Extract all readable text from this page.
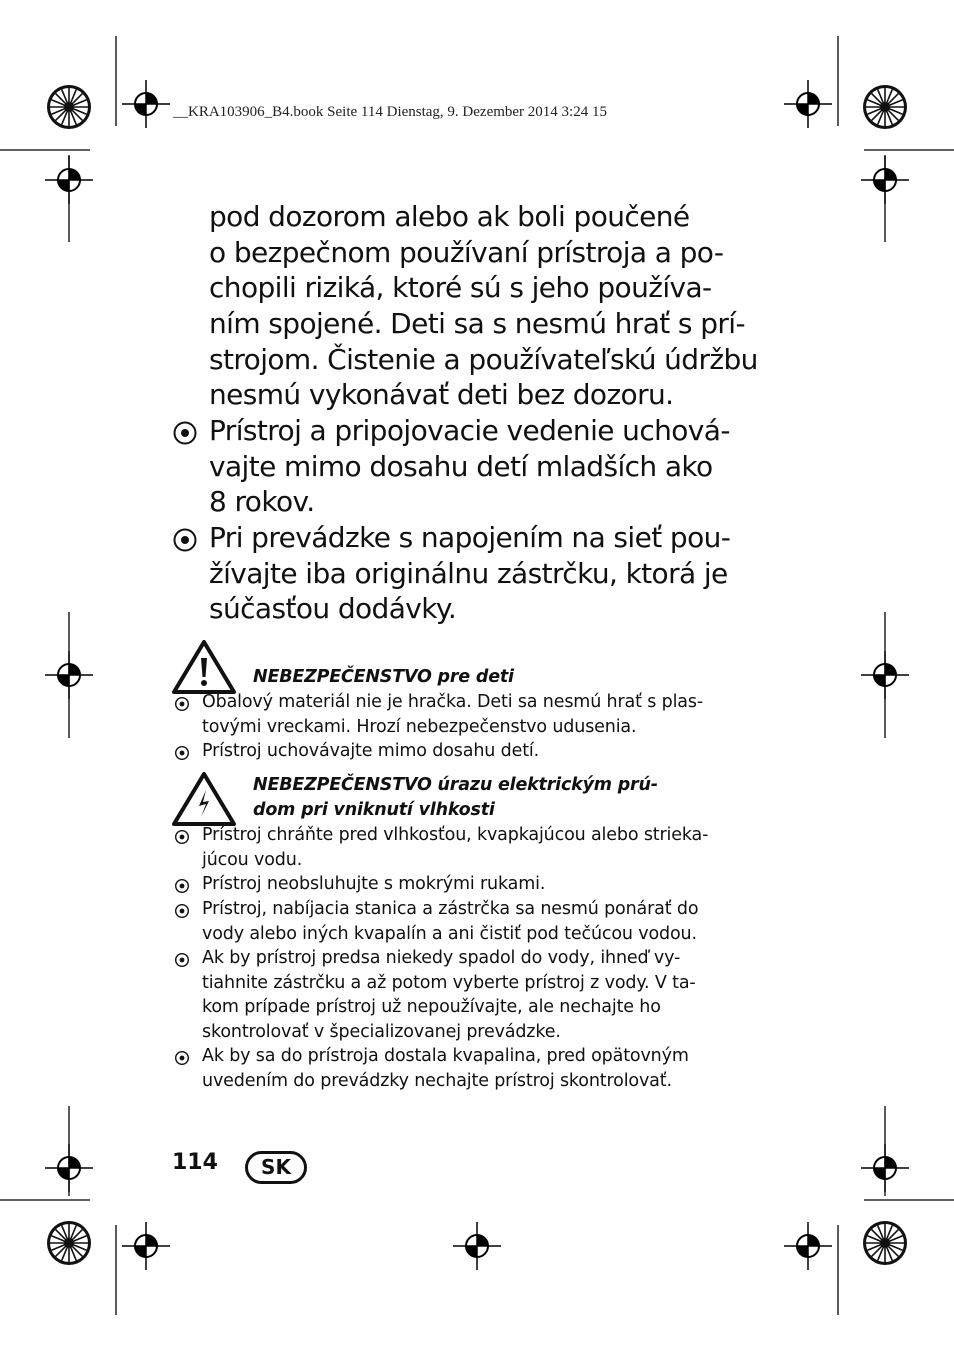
__KRA103906_B4.book Seite 114 Dienstag, 9. Dezember 2014 3:24 15
pod dozorom alebo ak boli poučené
o bezpečnom používaní prístroja a po-
chopili riziká, ktoré sú s jeho používa-
ním spojené. Deti sa s nesmú hrať s prí-
strojom. Čistenie a používateľskú údržbu
nesmú vykonávať deti bez dozoru.
Prístroj a pripojovacie vedenie uchová-
vajte mimo dosahu detí mladších ako
8 rokov.
Pri prevádzke s napojením na sieť pou-
žívajte iba originálnu zástrčku, ktorá je
súčasťou dodávky.
NEBEZPEČENSTVO pre deti
Obalový materiál nie je hračka. Deti sa nesmú hrať s plas-
tovými vreckami. Hrozí nebezpečenstvo udusenia.
Prístroj uchovávajte mimo dosahu detí.
NEBEZPEČENSTVO úrazu elektrickým prú-
dom pri vniknutí vlhkosti
Prístroj chráňte pred vlhkosťou, kvapkajúcou alebo strieka-
júcou vodu.
Prístroj neobsluhujte s mokrými rukami.
Prístroj, nabíjacia stanica a zástrčka sa nesmú ponárať do
vody alebo iných kvapalín a ani čistiť pod tečúcou vodou.
Ak by prístroj predsa niekedy spadol do vody, ihneď vy-
tiahnite zástrčku a až potom vyberte prístroj z vody. V ta-
kom prípade prístroj už nepoužívajte, ale nechajte ho
skontrolovať v špecializovanej prevádzke.
Ak by sa do prístroja dostala kvapalina, pred opätovným
uvedením do prevádzky nechajte prístroj skontrolovať.
114	SK
